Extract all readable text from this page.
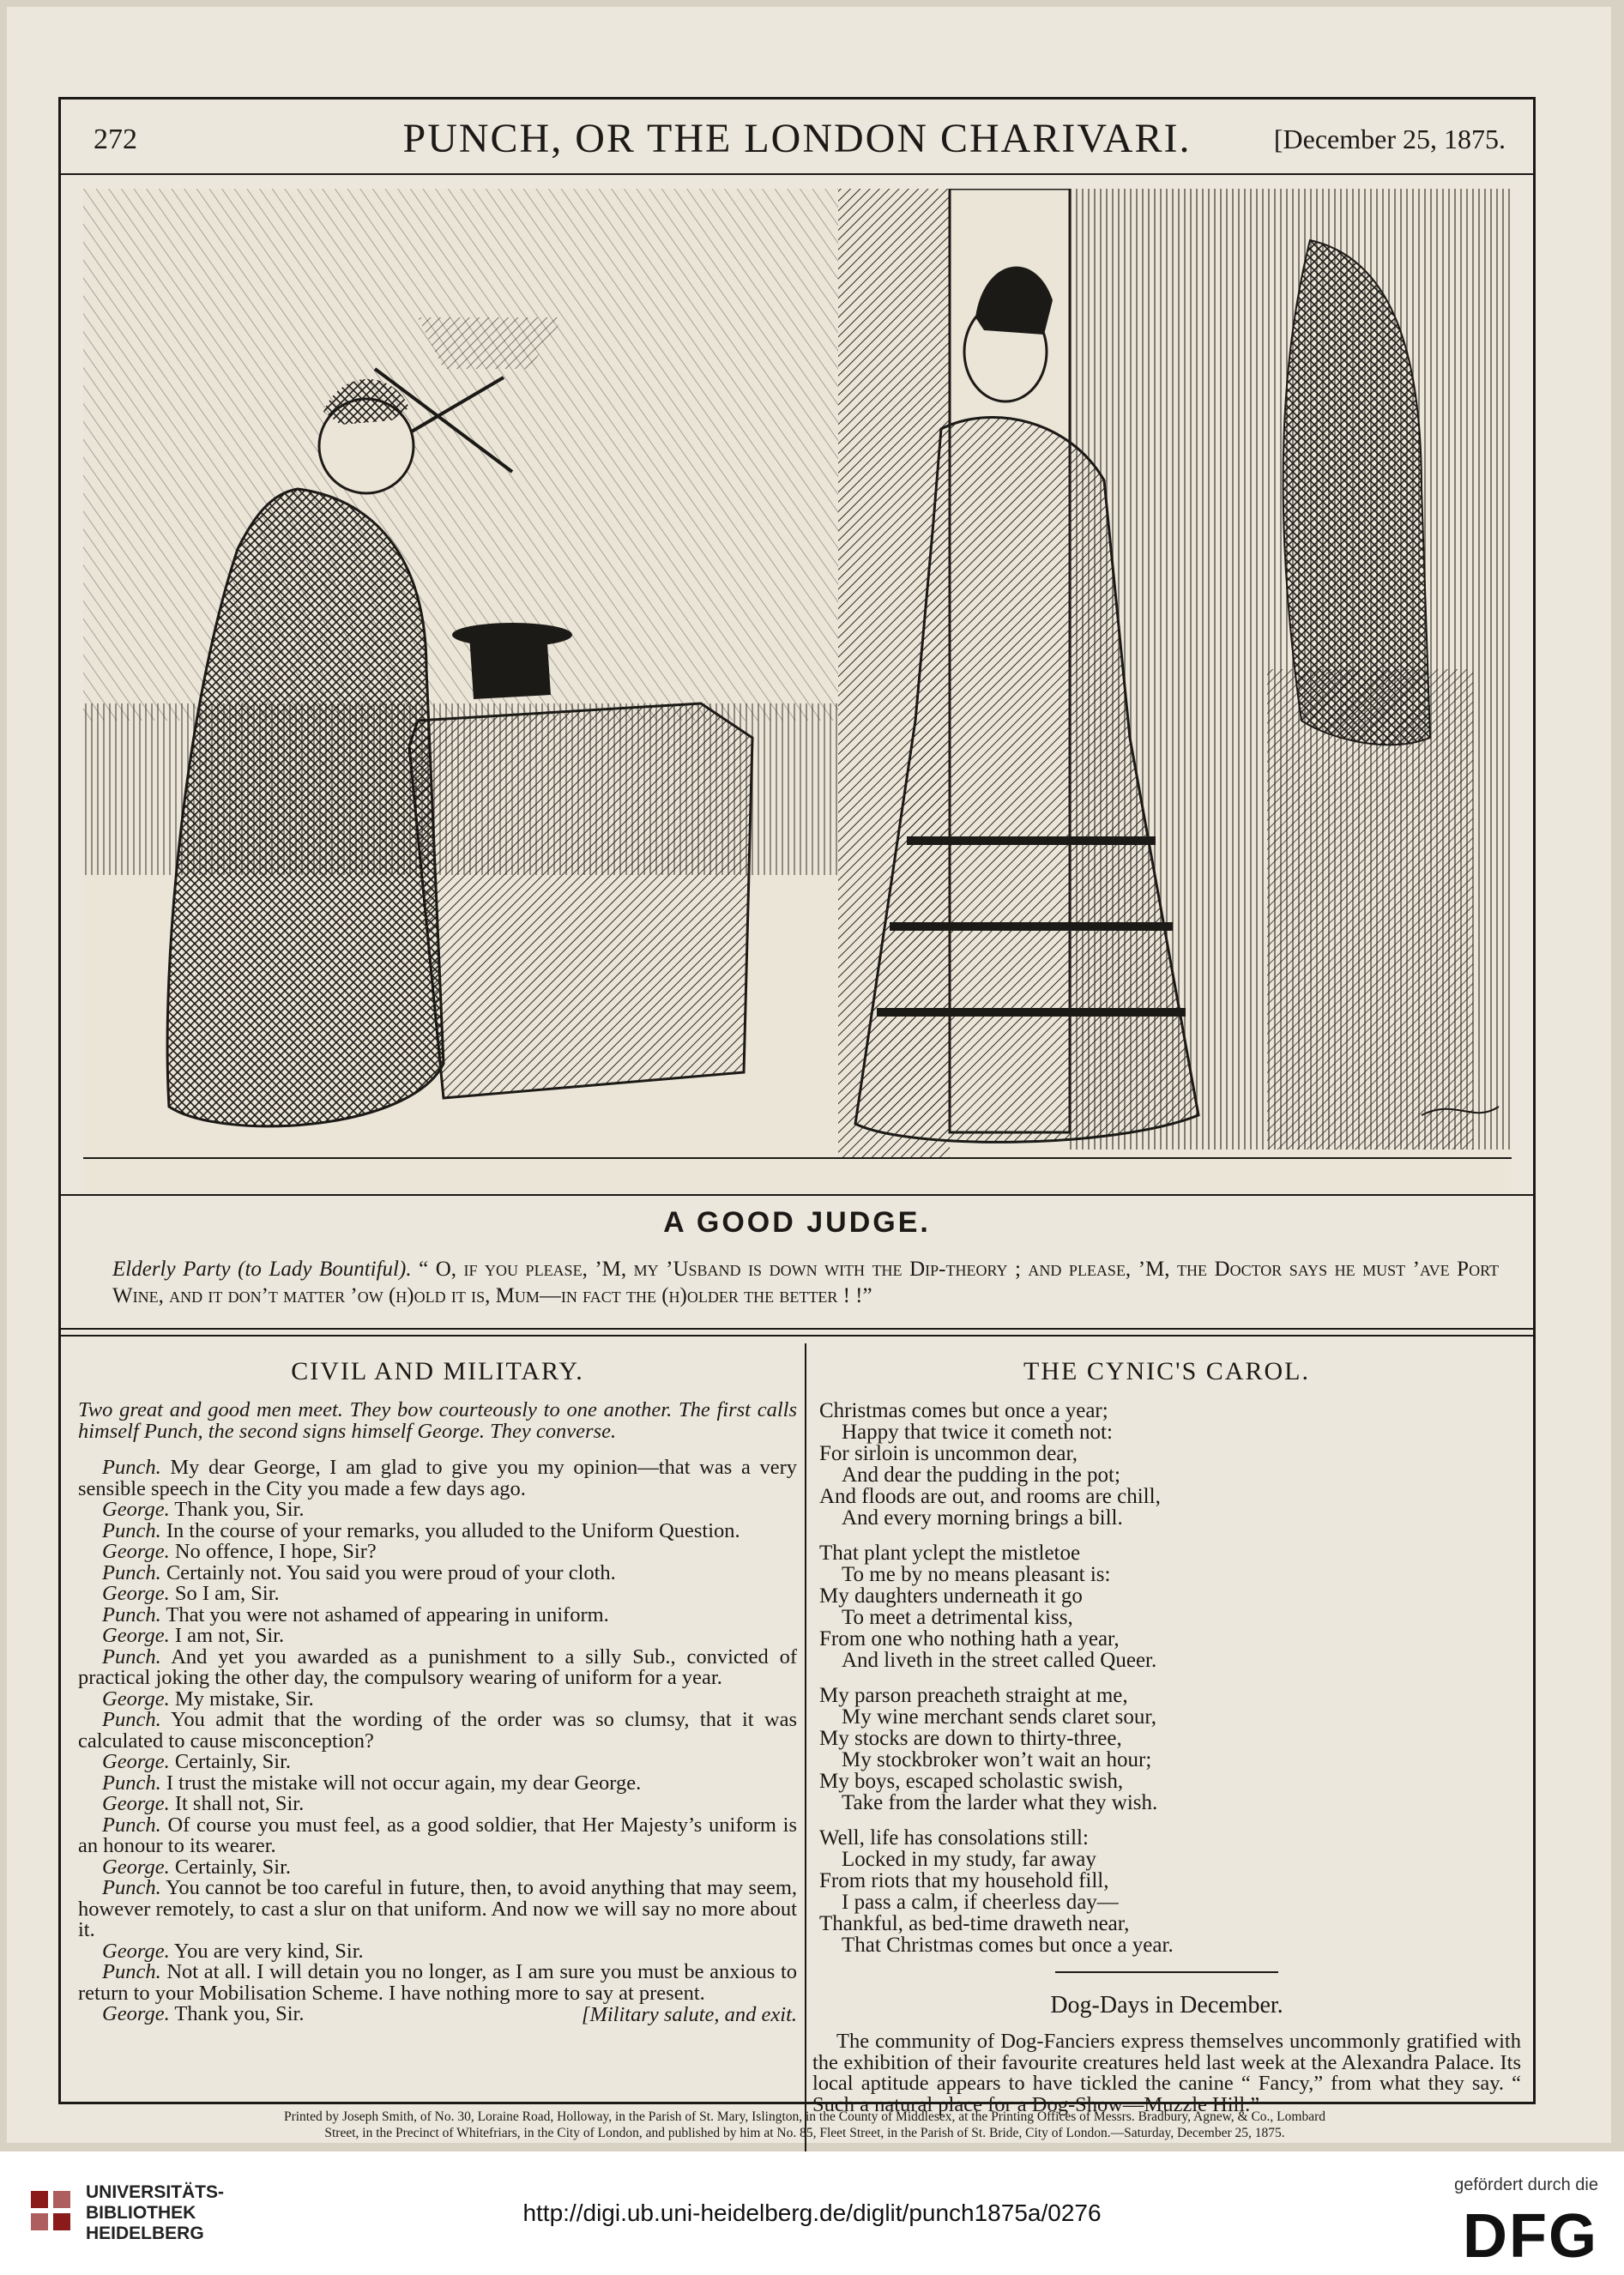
272	PUNCH, OR THE LONDON CHARIVARI.	[December 25, 1875.
A GOOD JUDGE.
Elderly Party (to Lady Bountiful). “ O, if you please, ’M, my ’Usband is down with the Dip-theory ; and please, ’M, the Doctor says he must ’ave Port Wine, and it don’t matter ’ow (h)old it is, Mum—in fact the (h)older the better ! !”
CIVIL AND MILITARY.

Two great and good men meet. They bow courteously to one another. The first calls himself Punch, the second signs himself George. They converse.

Punch. My dear George, I am glad to give you my opinion—that was a very sensible speech in the City you made a few days ago.

George. Thank you, Sir.

Punch. In the course of your remarks, you alluded to the Uniform Question.

George. No offence, I hope, Sir?

Punch. Certainly not. You said you were proud of your cloth.

George. So I am, Sir.

Punch. That you were not ashamed of appearing in uniform.

George. I am not, Sir.

Punch. And yet you awarded as a punishment to a silly Sub., convicted of practical joking the other day, the compulsory wearing of uniform for a year.

George. My mistake, Sir.

Punch. You admit that the wording of the order was so clumsy, that it was calculated to cause misconception?

George. Certainly, Sir.

Punch. I trust the mistake will not occur again, my dear George.

George. It shall not, Sir.

Punch. Of course you must feel, as a good soldier, that Her Majesty’s uniform is an honour to its wearer.

George. Certainly, Sir.

Punch. You cannot be too careful in future, then, to avoid anything that may seem, however remotely, to cast a slur on that uniform. And now we will say no more about it.

George. You are very kind, Sir.

Punch. Not at all. I will detain you no longer, as I am sure you must be anxious to return to your Mobilisation Scheme. I have nothing more to say at present.

George. Thank you, Sir.	[Military salute, and exit.

THE CYNIC'S CAROL.
Christmas comes but once a year;
Happy that twice it cometh not:
For sirloin is uncommon dear,
And dear the pudding in the pot;
And floods are out, and rooms are chill,
And every morning brings a bill.
That plant yclept the mistletoe
To me by no means pleasant is:
My daughters underneath it go
To meet a detrimental kiss,
From one who nothing hath a year,
And liveth in the street called Queer.
My parson preacheth straight at me,
My wine merchant sends claret sour,
My stocks are down to thirty-three,
My stockbroker won’t wait an hour;
My boys, escaped scholastic swish,
Take from the larder what they wish.
Well, life has consolations still:
Locked in my study, far away
From riots that my household fill,
I pass a calm, if cheerless day—
Thankful, as bed-time draweth near,
That Christmas comes but once a year.
Dog-Days in December.

The community of Dog-Fanciers express themselves uncommonly gratified with the exhibition of their favourite creatures held last week at the Alexandra Palace. Its local aptitude appears to have tickled the canine “ Fancy,” from what they say. “ Such a natural place for a Dog-Show—Muzzle Hill.”

Printed by Joseph Smith, of No. 30, Loraine Road, Holloway, in the Parish of St. Mary, Islington, in the County of Middlesex, at the Printing Offices of Messrs. Bradbury, Agnew, & Co., Lombard
Street, in the Precinct of Whitefriars, in the City of London, and published by him at No. 85, Fleet Street, in the Parish of St. Bride, City of London.—Saturday, December 25, 1875.
UNIVERSITÄTS-
BIBLIOTHEK
HEIDELBERG
http://digi.ub.uni-heidelberg.de/diglit/punch1875a/0276
gefördert durch die
DFG
